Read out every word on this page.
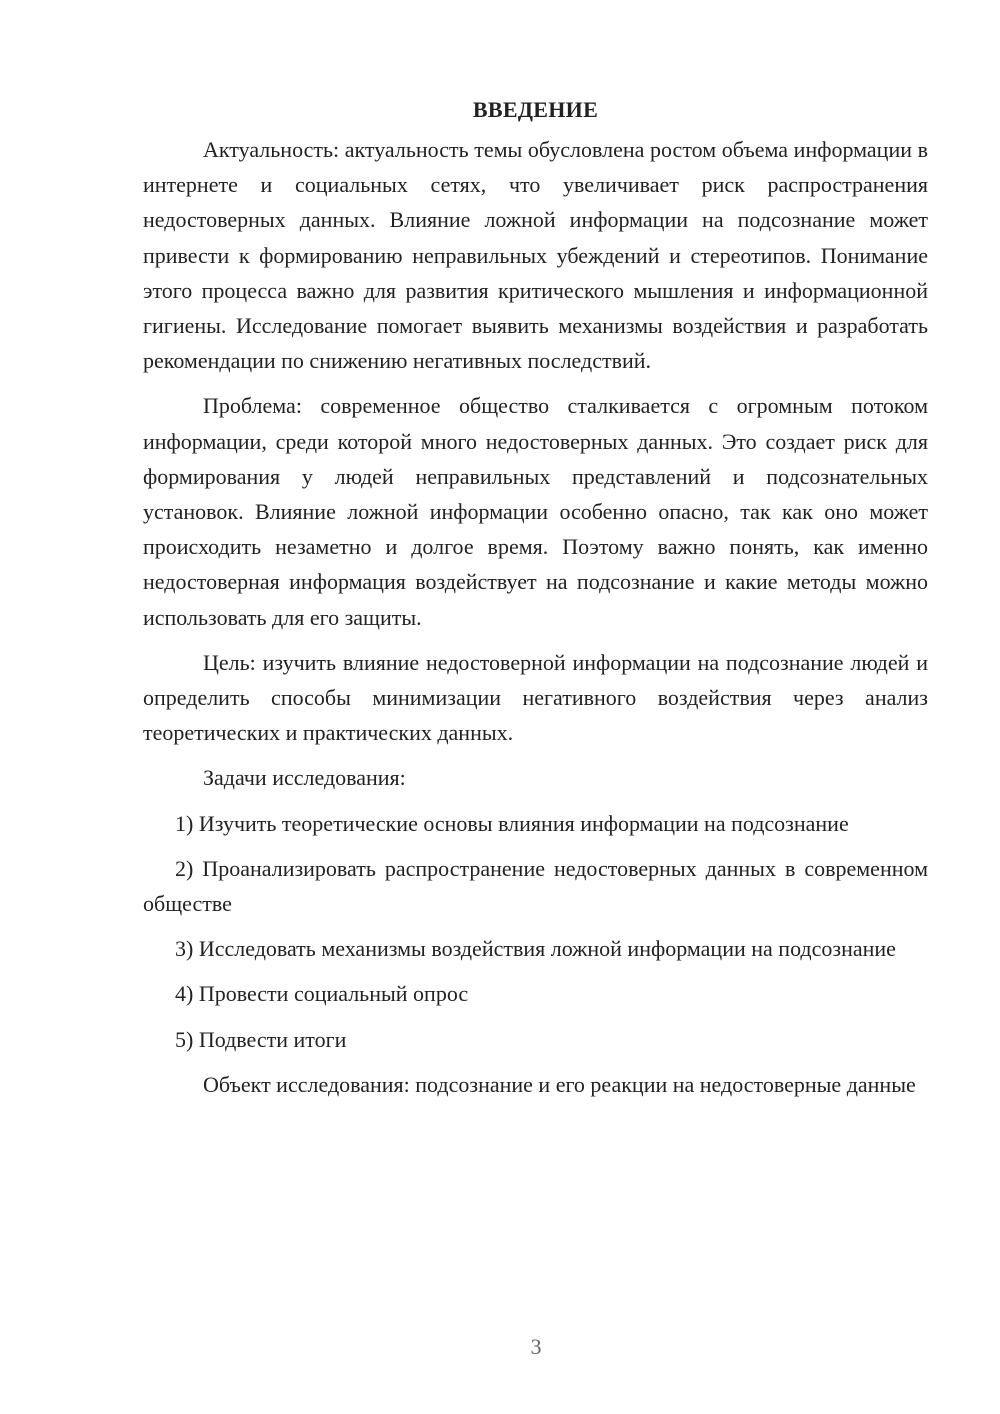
ВВЕДЕНИЕ

Актуальность: актуальность темы обусловлена ростом объема информации в интернете и социальных сетях, что увеличивает риск распространения недостоверных данных. Влияние ложной информации на подсознание может привести к формированию неправильных убеждений и стереотипов. Понимание этого процесса важно для развития критического мышления и информационной гигиены. Исследование помогает выявить механизмы воздействия и разработать рекомендации по снижению негативных последствий.

Проблема: современное общество сталкивается с огромным потоком информации, среди которой много недостоверных данных. Это создает риск для формирования у людей неправильных представлений и подсознательных установок. Влияние ложной информации особенно опасно, так как оно может происходить незаметно и долгое время. Поэтому важно понять, как именно недостоверная информация воздействует на подсознание и какие методы можно использовать для его защиты.

Цель: изучить влияние недостоверной информации на подсознание людей и определить способы минимизации негативного воздействия через анализ теоретических и практических данных.

Задачи исследования:

1) Изучить теоретические основы влияния информации на подсознание

2) Проанализировать распространение недостоверных данных в современном обществе

3) Исследовать механизмы воздействия ложной информации на подсознание

4) Провести социальный опрос

5) Подвести итоги

Объект исследования: подсознание и его реакции на недостоверные данные

3
